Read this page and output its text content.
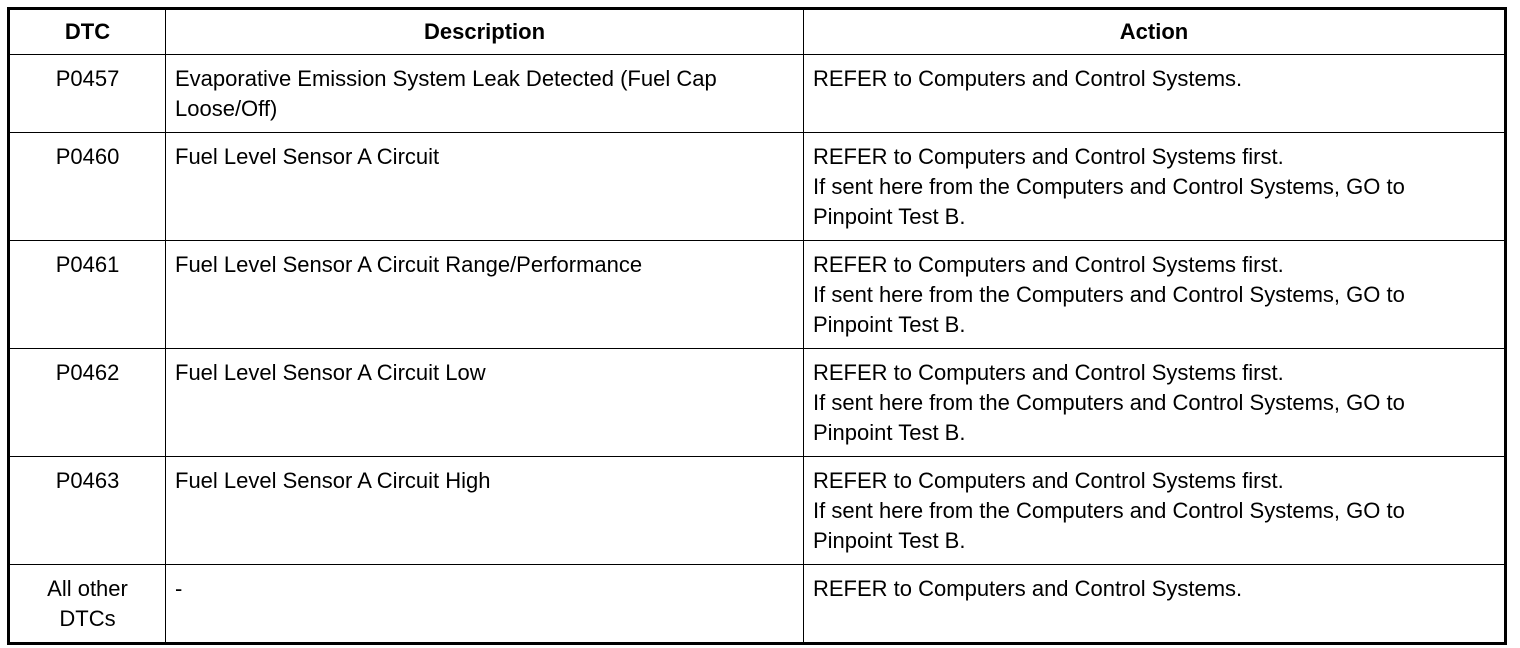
DTC	Description	Action
P0457	Evaporative Emission System Leak Detected (Fuel Cap Loose/Off)	REFER to Computers and Control Systems.

P0460	Fuel Level Sensor A Circuit	REFER to Computers and Control Systems first.
If sent here from the Computers and Control Systems, GO to
Pinpoint Test B.

P0461	Fuel Level Sensor A Circuit Range/Performance	REFER to Computers and Control Systems first.
If sent here from the Computers and Control Systems, GO to
Pinpoint Test B.

P0462	Fuel Level Sensor A Circuit Low	REFER to Computers and Control Systems first.
If sent here from the Computers and Control Systems, GO to
Pinpoint Test B.

P0463	Fuel Level Sensor A Circuit High	REFER to Computers and Control Systems first.
If sent here from the Computers and Control Systems, GO to
Pinpoint Test B.

All other
DTCs	-	REFER to Computers and Control Systems.
